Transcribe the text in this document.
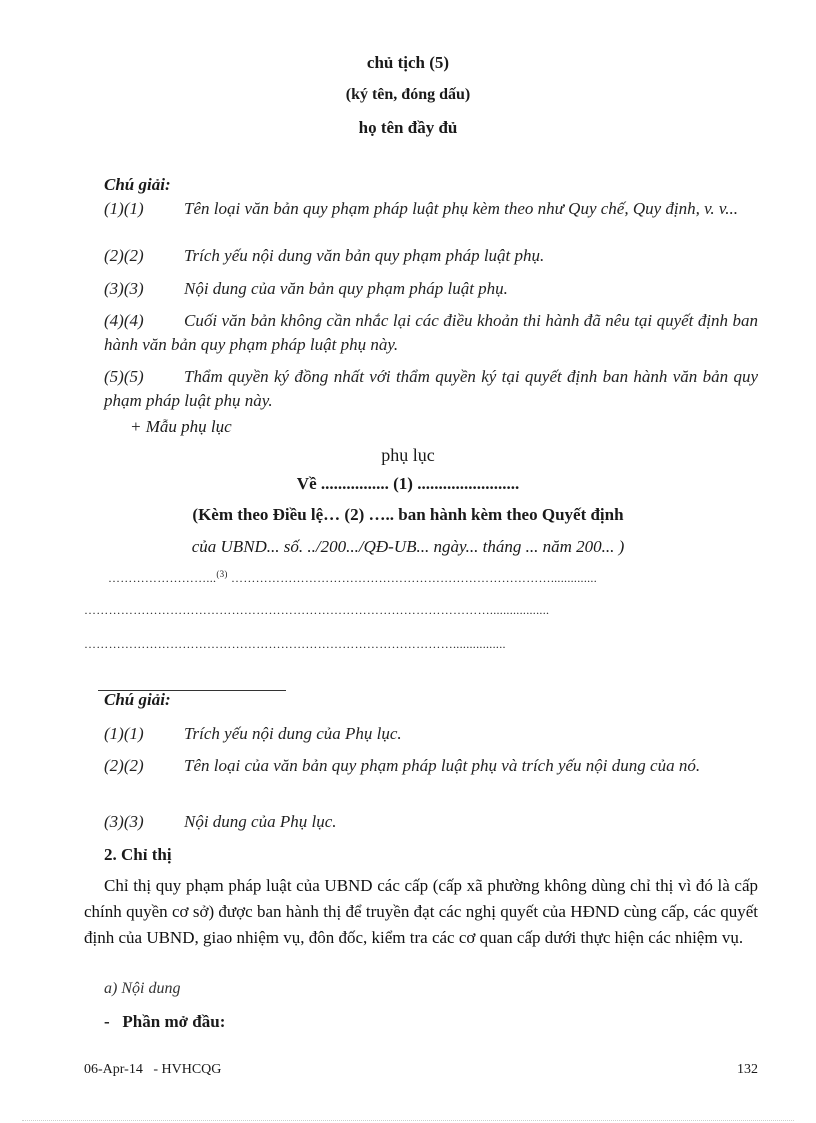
chủ tịch (5)
(ký tên, đóng dấu)
họ tên đầy đủ
Chú giải:
(1)(1) Tên loại văn bản quy phạm pháp luật phụ kèm theo như Quy chế, Quy định, v. v...
(2)(2) Trích yếu nội dung văn bản quy phạm pháp luật phụ.
(3)(3) Nội dung của văn bản quy phạm pháp luật phụ.
(4)(4) Cuối văn bản không cần nhắc lại các điều khoản thi hành đã nêu tại quyết định ban hành văn bản quy phạm pháp luật phụ này.
(5)(5) Thẩm quyền ký đồng nhất với thẩm quyền ký tại quyết định ban hành văn bản quy phạm pháp luật phụ này.
+ Mẫu phụ lục
phụ lục
Về ................ (1) ........................
(Kèm theo Điều lệ… (2) ….. ban hành kèm theo Quyết định
của UBND... số. ../200.../QĐ-UB... ngày... tháng ... năm 200... )
……………………...$^{(3)}$ ……………………………………………………………………..............
………………………………………………………………………………………..................
………………………………………………………………………………................
Chú giải:
(1)(1) Trích yếu nội dung của Phụ lục.
(2)(2) Tên loại của văn bản quy phạm pháp luật phụ và trích yếu nội dung của nó.
(3)(3) Nội dung của Phụ lục.
2. Chỉ thị
Chỉ thị quy phạm pháp luật của UBND các cấp (cấp xã phường không dùng chỉ thị vì đó là cấp chính quyền cơ sở) được ban hành thị để truyền đạt các nghị quyết của HĐND cùng cấp, các quyết định của UBND, giao nhiệm vụ, đôn đốc, kiểm tra các cơ quan cấp dưới thực hiện các nhiệm vụ.
a) Nội dung
- Phần mở đầu:
06-Apr-14 - HVHCQG	132
